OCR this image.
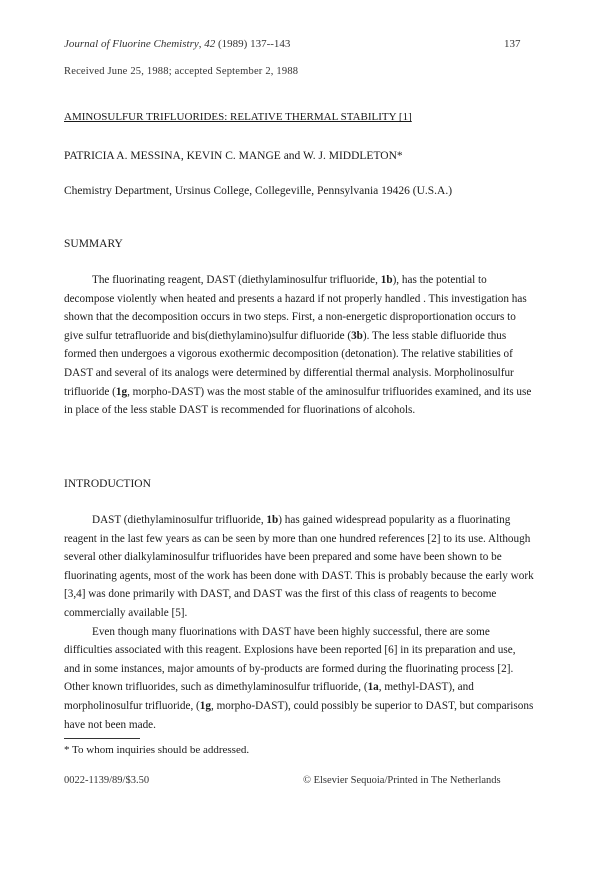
Journal of Fluorine Chemistry, 42 (1989) 137--143	137
Received June 25, 1988; accepted September 2, 1988
AMINOSULFUR TRIFLUORIDES: RELATIVE THERMAL STABILITY [1]
PATRICIA A. MESSINA, KEVIN C. MANGE and W. J. MIDDLETON*
Chemistry Department, Ursinus College, Collegeville, Pennsylvania 19426 (U.S.A.)
SUMMARY

The fluorinating reagent, DAST (diethylaminosulfur trifluoride, 1b), has the potential to decompose violently when heated and presents a hazard if not properly handled . This investigation has shown that the decomposition occurs in two steps. First, a non-energetic disproportionation occurs to give sulfur tetrafluoride and bis(diethylamino)sulfur difluoride (3b). The less stable difluoride thus formed then undergoes a vigorous exothermic decomposition (detonation). The relative stabilities of DAST and several of its analogs were determined by differential thermal analysis. Morpholinosulfur trifluoride (1g, morpho-DAST) was the most stable of the aminosulfur trifluorides examined, and its use in place of the less stable DAST is recommended for fluorinations of alcohols.

INTRODUCTION

DAST (diethylaminosulfur trifluoride, 1b) has gained widespread popularity as a fluorinating reagent in the last few years as can be seen by more than one hundred references [2] to its use. Although several other dialkylaminosulfur trifluorides have been prepared and some have been shown to be fluorinating agents, most of the work has been done with DAST. This is probably because the early work [3,4] was done primarily with DAST, and DAST was the first of this class of reagents to become commercially available [5].

Even though many fluorinations with DAST have been highly successful, there are some difficulties associated with this reagent. Explosions have been reported [6] in its preparation and use, and in some instances, major amounts of by-products are formed during the fluorinating process [2]. Other known trifluorides, such as dimethylaminosulfur trifluoride, (1a, methyl-DAST), and morpholinosulfur trifluoride, (1g, morpho-DAST), could possibly be superior to DAST, but comparisons have not been made.

* To whom inquiries should be addressed.
0022-1139/89/$3.50	© Elsevier Sequoia/Printed in The Netherlands
